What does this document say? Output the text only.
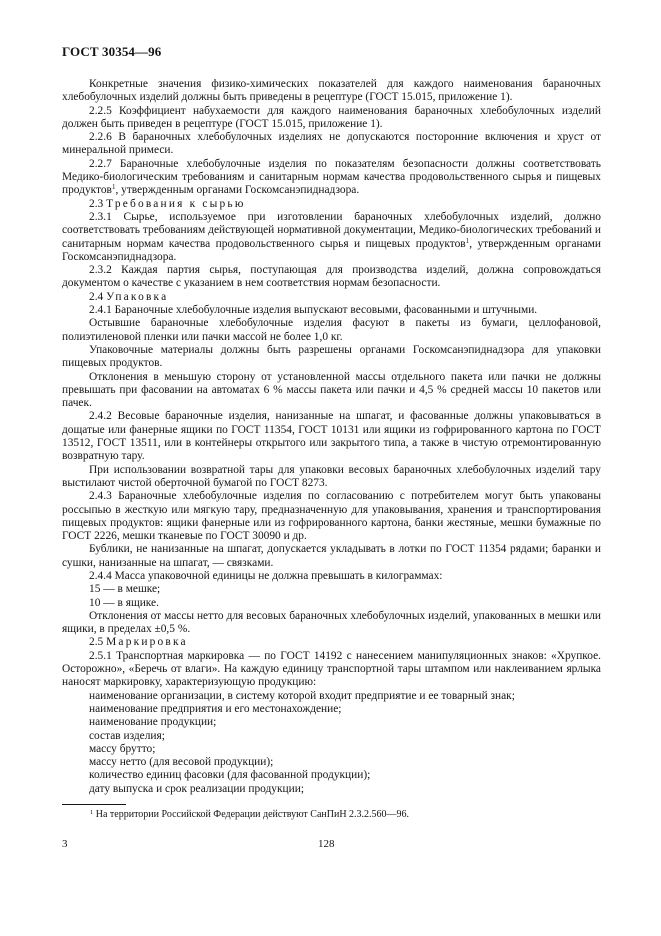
ГОСТ 30354—96

Конкретные значения физико-химических показателей для каждого наименования бараночных хлебобулочных изделий должны быть приведены в рецептуре (ГОСТ 15.015, приложение 1).

2.2.5 Коэффициент набухаемости для каждого наименования бараночных хлебобулочных изделий должен быть приведен в рецептуре (ГОСТ 15.015, приложение 1).

2.2.6 В бараночных хлебобулочных изделиях не допускаются посторонние включения и хруст от минеральной примеси.

2.2.7 Бараночные хлебобулочные изделия по показателям безопасности должны соответствовать Медико-биологическим требованиям и санитарным нормам качества продовольственного сырья и пищевых продуктов$^1$, утвержденным органами Госкомсанэпиднадзора.

2.3 Требования к сырью

2.3.1 Сырье, используемое при изготовлении бараночных хлебобулочных изделий, должно соответствовать требованиям действующей нормативной документации, Медико-биологических требований и санитарным нормам качества продовольственного сырья и пищевых продуктов$^1$, утвержденным органами Госкомсанэпиднадзора.

2.3.2 Каждая партия сырья, поступающая для производства изделий, должна сопровождаться документом о качестве с указанием в нем соответствия нормам безопасности.

2.4 Упаковка

2.4.1 Бараночные хлебобулочные изделия выпускают весовыми, фасованными и штучными.

Остывшие бараночные хлебобулочные изделия фасуют в пакеты из бумаги, целлофановой, полиэтиленовой пленки или пачки массой не более 1,0 кг.

Упаковочные материалы должны быть разрешены органами Госкомсанэпиднадзора для упаковки пищевых продуктов.

Отклонения в меньшую сторону от установленной массы отдельного пакета или пачки не должны превышать при фасовании на автоматах 6 % массы пакета или пачки и 4,5 % средней массы 10 пакетов или пачек.

2.4.2 Весовые бараночные изделия, нанизанные на шпагат, и фасованные должны упаковываться в дощатые или фанерные ящики по ГОСТ 11354, ГОСТ 10131 или ящики из гофрированного картона по ГОСТ 13512, ГОСТ 13511, или в контейнеры открытого или закрытого типа, а также в чистую отремонтированную возвратную тару.

При использовании возвратной тары для упаковки весовых бараночных хлебобулочных изделий тару выстилают чистой оберточной бумагой по ГОСТ 8273.

2.4.3 Бараночные хлебобулочные изделия по согласованию с потребителем могут быть упакованы россыпью в жесткую или мягкую тару, предназначенную для упаковывания, хранения и транспортирования пищевых продуктов: ящики фанерные или из гофрированного картона, банки жестяные, мешки бумажные по ГОСТ 2226, мешки тканевые по ГОСТ 30090 и др.

Бублики, не нанизанные на шпагат, допускается укладывать в лотки по ГОСТ 11354 рядами; баранки и сушки, нанизанные на шпагат, — связками.

2.4.4 Масса упаковочной единицы не должна превышать в килограммах:

15 — в мешке;

10 — в ящике.

Отклонения от массы нетто для весовых бараночных хлебобулочных изделий, упакованных в мешки или ящики, в пределах ±0,5 %.

2.5 Маркировка

2.5.1 Транспортная маркировка — по ГОСТ 14192 с нанесением манипуляционных знаков: «Хрупкое. Осторожно», «Беречь от влаги». На каждую единицу транспортной тары штампом или наклеиванием ярлыка наносят маркировку, характеризующую продукцию:

наименование организации, в систему которой входит предприятие и ее товарный знак;

наименование предприятия и его местонахождение;

наименование продукции;

состав изделия;

массу брутто;

массу нетто (для весовой продукции);

количество единиц фасовки (для фасованной продукции);

дату выпуска и срок реализации продукции;

$^1$ На территории Российской Федерации действуют СанПиН 2.3.2.560—96.
3	128
